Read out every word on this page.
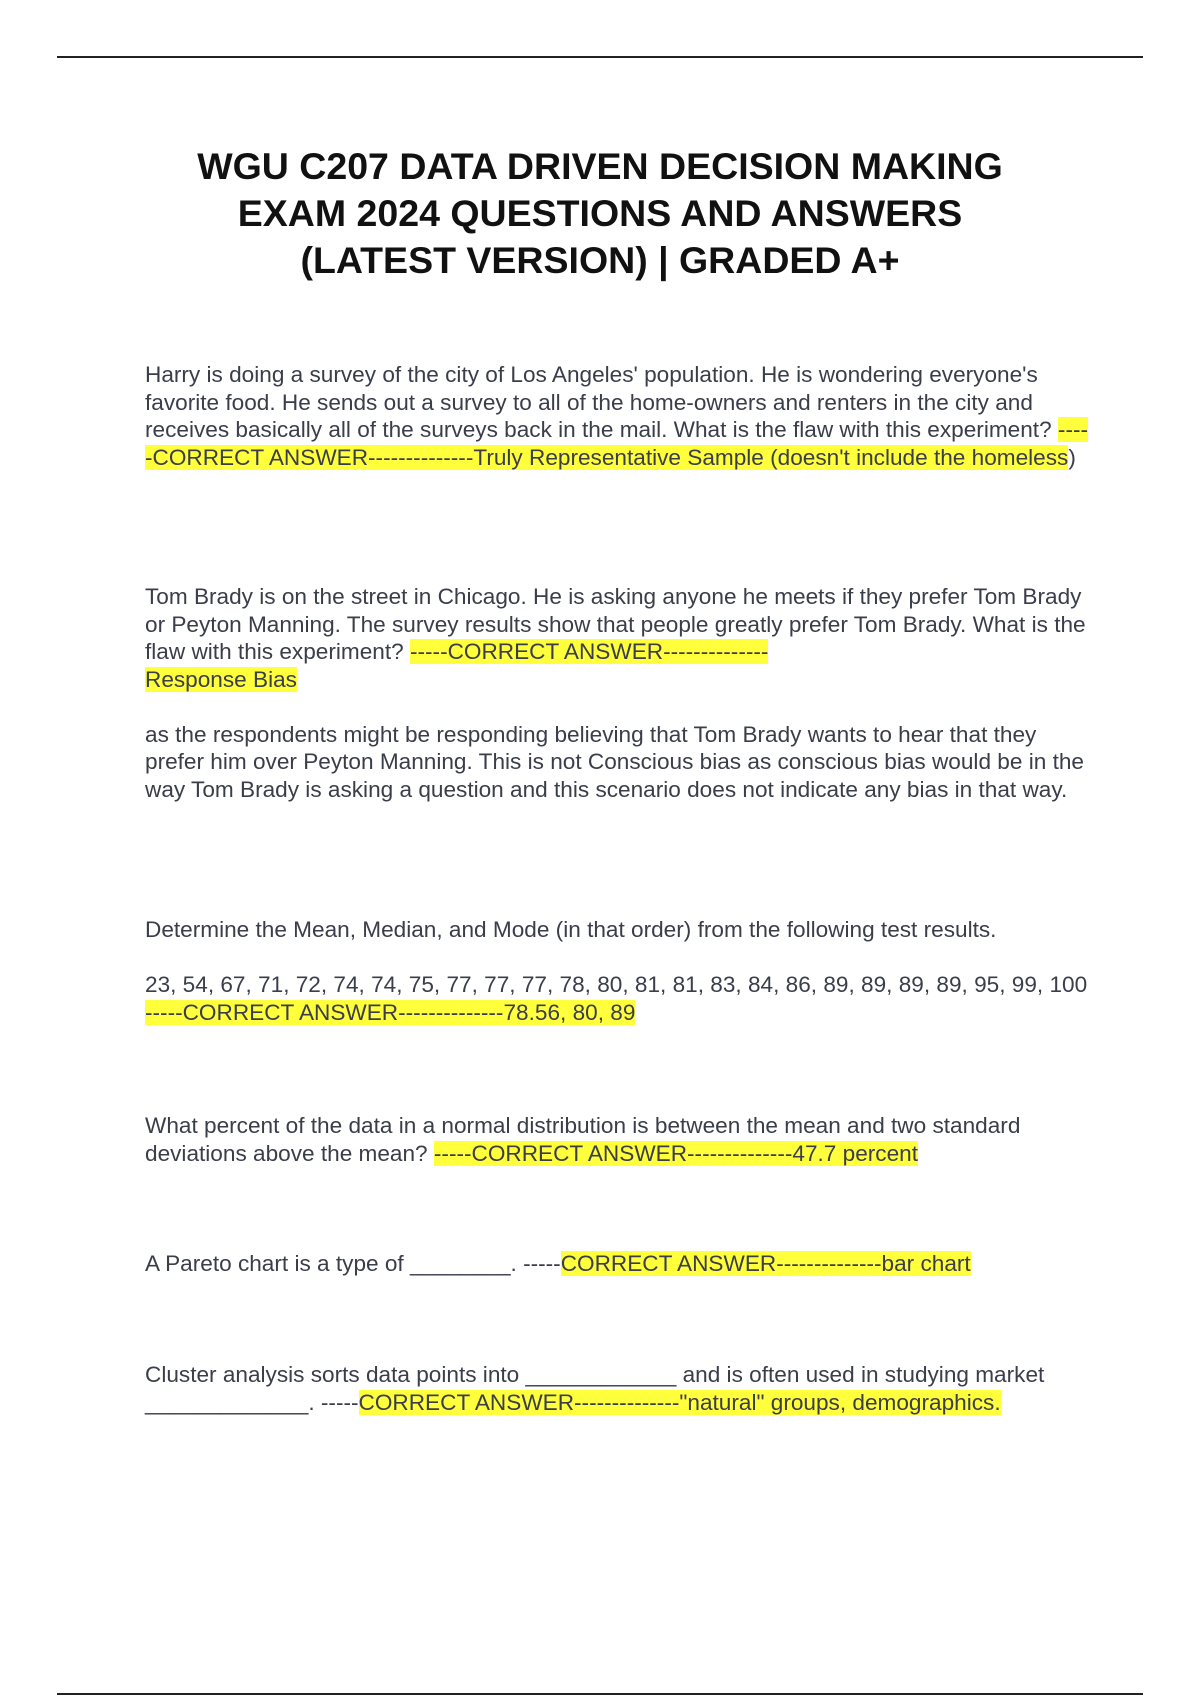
WGU C207 DATA DRIVEN DECISION MAKING
EXAM 2024 QUESTIONS AND ANSWERS
(LATEST VERSION) | GRADED A+

Harry is doing a survey of the city of Los Angeles' population. He is wondering everyone's favorite food. He sends out a survey to all of the home-owners and renters in the city and receives basically all of the surveys back in the mail. What is the flaw with this experiment? -----CORRECT ANSWER--------------Truly Representative Sample (doesn't include the homeless)

Tom Brady is on the street in Chicago. He is asking anyone he meets if they prefer Tom Brady or Peyton Manning. The survey results show that people greatly prefer Tom Brady. What is the flaw with this experiment? -----CORRECT ANSWER--------------
Response Bias

as the respondents might be responding believing that Tom Brady wants to hear that they prefer him over Peyton Manning. This is not Conscious bias as conscious bias would be in the way Tom Brady is asking a question and this scenario does not indicate any bias in that way.

Determine the Mean, Median, and Mode (in that order) from the following test results.

23, 54, 67, 71, 72, 74, 74, 75, 77, 77, 77, 78, 80, 81, 81, 83, 84, 86, 89, 89, 89, 89, 95, 99, 100 -----CORRECT ANSWER--------------78.56, 80, 89

What percent of the data in a normal distribution is between the mean and two standard deviations above the mean? -----CORRECT ANSWER--------------47.7 percent

A Pareto chart is a type of ________. -----CORRECT ANSWER--------------bar chart

Cluster analysis sorts data points into ____________ and is often used in studying market _____________. -----CORRECT ANSWER--------------"natural" groups, demographics.
